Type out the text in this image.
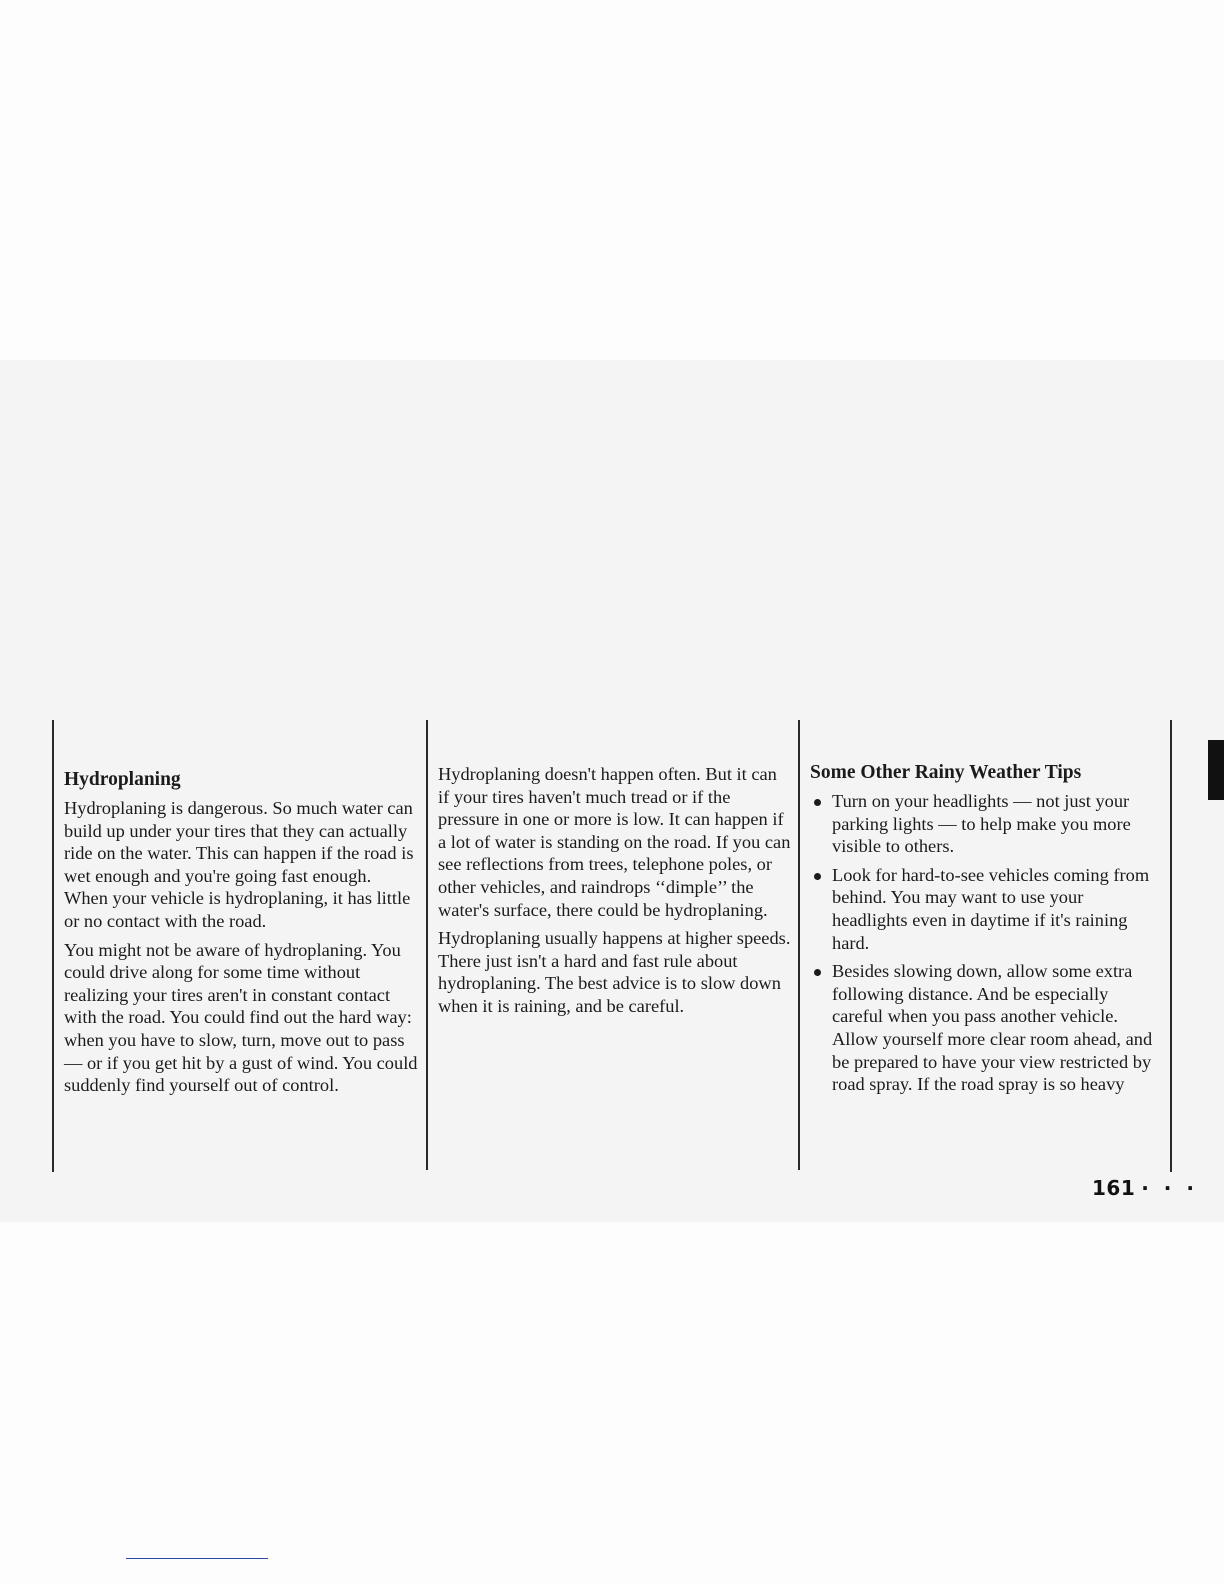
Hydroplaning

Hydroplaning is dangerous. So much water can build up under your tires that they can actually ride on the water. This can happen if the road is wet enough and you're going fast enough. When your vehicle is hydroplaning, it has little or no contact with the road.

You might not be aware of hydroplaning. You could drive along for some time without realizing your tires aren't in constant contact with the road. You could find out the hard way: when you have to slow, turn, move out to pass — or if you get hit by a gust of wind. You could suddenly find yourself out of control.

Hydroplaning doesn't happen often. But it can if your tires haven't much tread or if the pressure in one or more is low. It can happen if a lot of water is standing on the road. If you can see reflections from trees, telephone poles, or other vehicles, and raindrops ‘‘dimple’’ the water's surface, there could be hydroplaning.

Hydroplaning usually happens at higher speeds. There just isn't a hard and fast rule about hydroplaning. The best advice is to slow down when it is raining, and be careful.

Some Other Rainy Weather Tips
Turn on your headlights — not just your parking lights — to help make you more visible to others.
Look for hard-to-see vehicles coming from behind. You may want to use your headlights even in daytime if it's raining hard.
Besides slowing down, allow some extra following distance. And be especially careful when you pass another vehicle. Allow yourself more clear room ahead, and be prepared to have your view restricted by road spray. If the road spray is so heavy
161 · · ·
